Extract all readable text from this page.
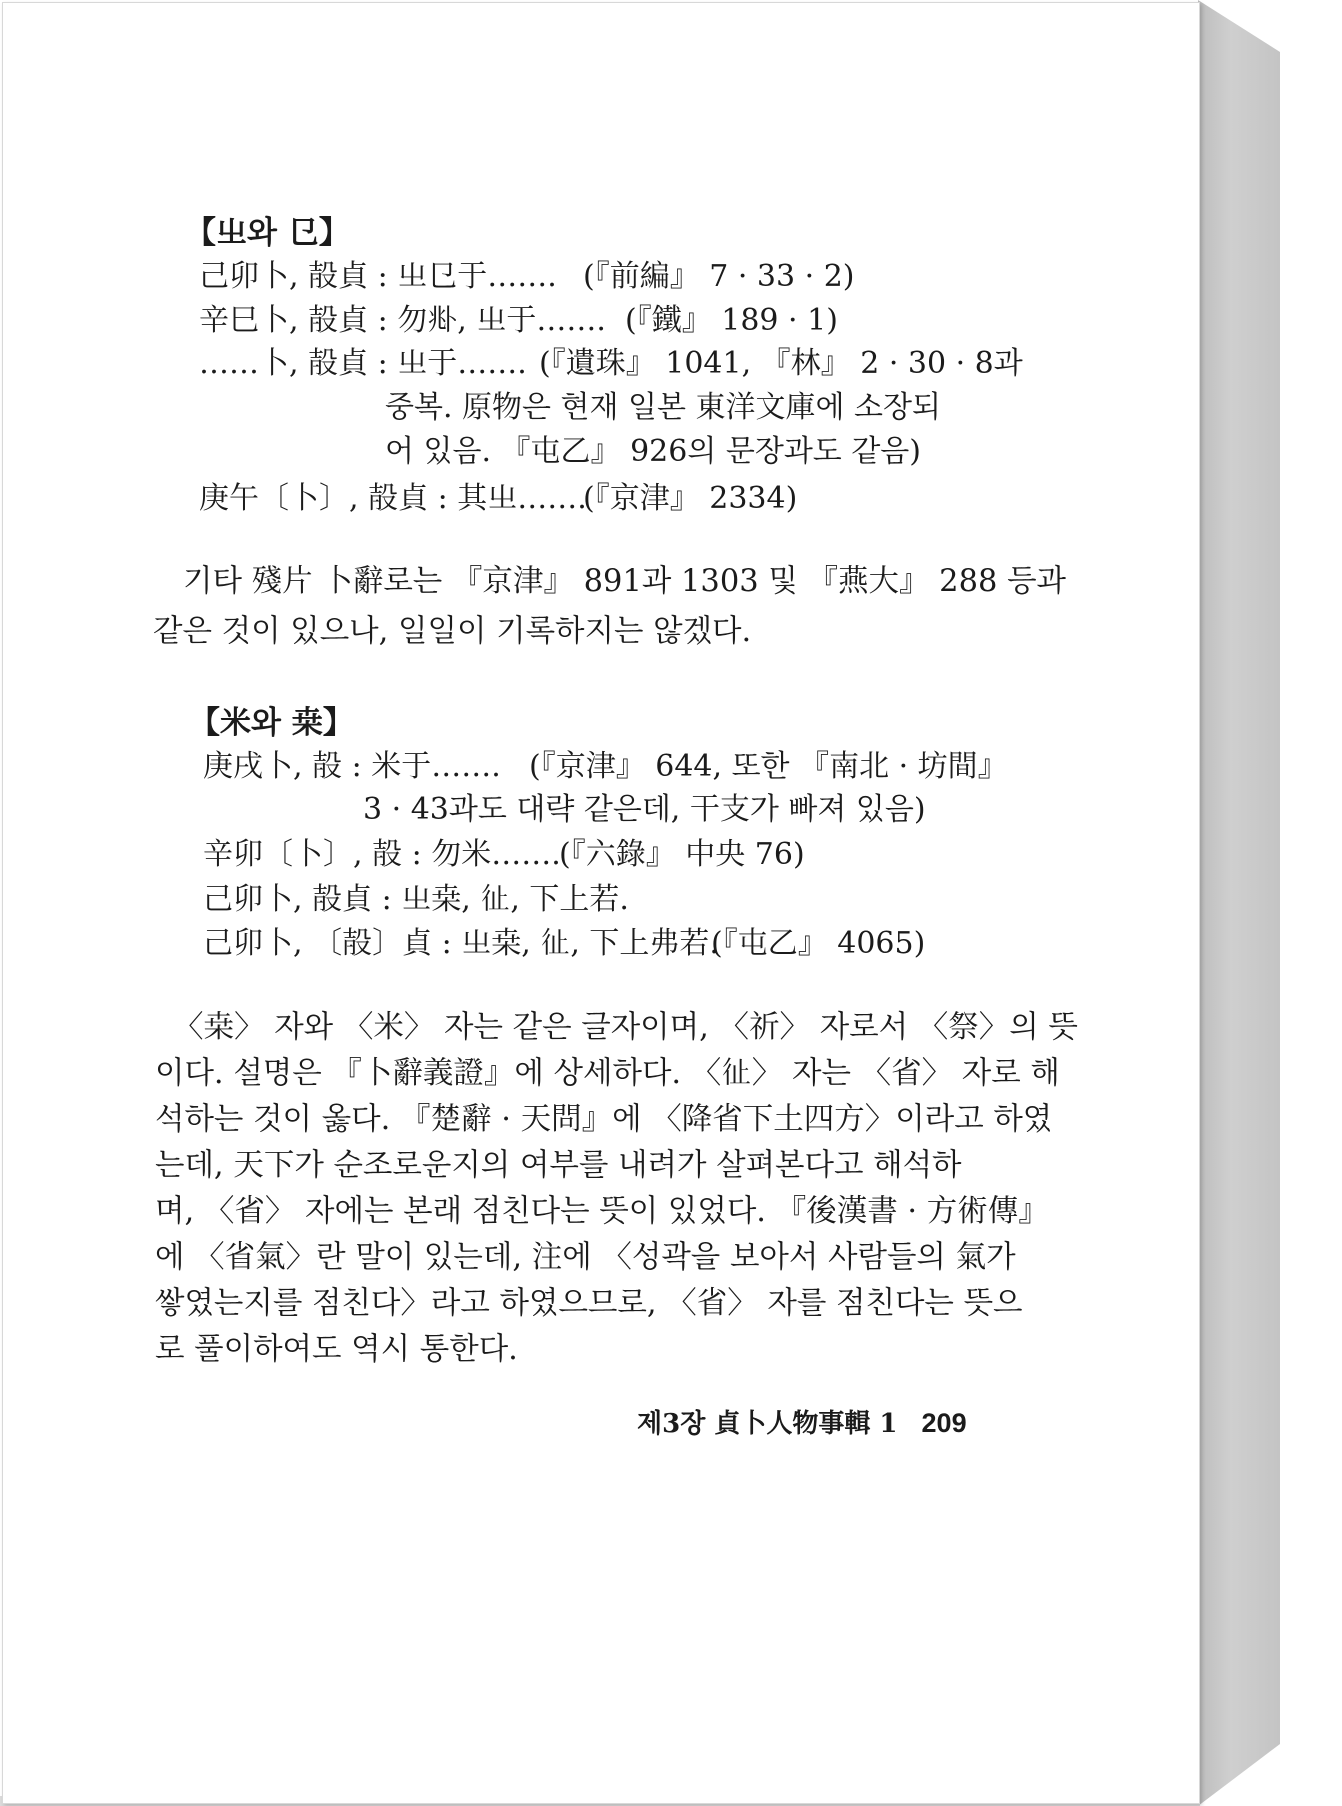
【㞢와 㔾】
己卯卜, 㱿貞 : 㞢㔾于……. (『前編』 7 · 33 · 2)
辛巳卜, 㱿貞 : 勿𠧞, 㞢于……. (『鐵』 189 · 1)
……卜, 㱿貞 : 㞢于……. (『遺珠』 1041, 『林』 2 · 30 · 8과
중복. 原物은 현재 일본 東洋文庫에 소장되
어 있음. 『屯乙』 926의 문장과도 같음)
庚午〔卜〕, 㱿貞 : 其㞢…….
(『京津』 2334)
기타 殘片 卜辭로는 『京津』 891과 1303 및 『燕大』 288 등과
같은 것이 있으나, 일일이 기록하지는 않겠다.
【米와 桒】
庚戌卜, 㱿 : 米于……. (『京津』 644, 또한 『南北 · 坊間』
3 · 43과도 대략 같은데, 干支가 빠져 있음)
辛卯〔卜〕, 㱿 : 勿米…….
(『六錄』 中央 76)
己卯卜, 㱿貞 : 㞢桒, 𢓊, 下上若.
己卯卜, 〔㱿〕貞 : 㞢桒, 𢓊, 下上弗若.
(『屯乙』 4065)
〈桒〉 자와 〈米〉 자는 같은 글자이며, 〈祈〉 자로서 〈祭〉의 뜻
이다. 설명은 『卜辭義證』에 상세하다. 〈𢓊〉 자는 〈省〉 자로 해
석하는 것이 옳다. 『楚辭 · 天問』에 〈降省下土四方〉이라고 하였
는데, 天下가 순조로운지의 여부를 내려가 살펴본다고 해석하
며, 〈省〉 자에는 본래 점친다는 뜻이 있었다. 『後漢書 · 方術傳』
에 〈省氣〉란 말이 있는데, 注에 〈성곽을 보아서 사람들의 氣가
쌓였는지를 점친다〉라고 하였으므로, 〈省〉 자를 점친다는 뜻으
로 풀이하여도 역시 통한다.
제3장 貞卜人物事輯 1 209
